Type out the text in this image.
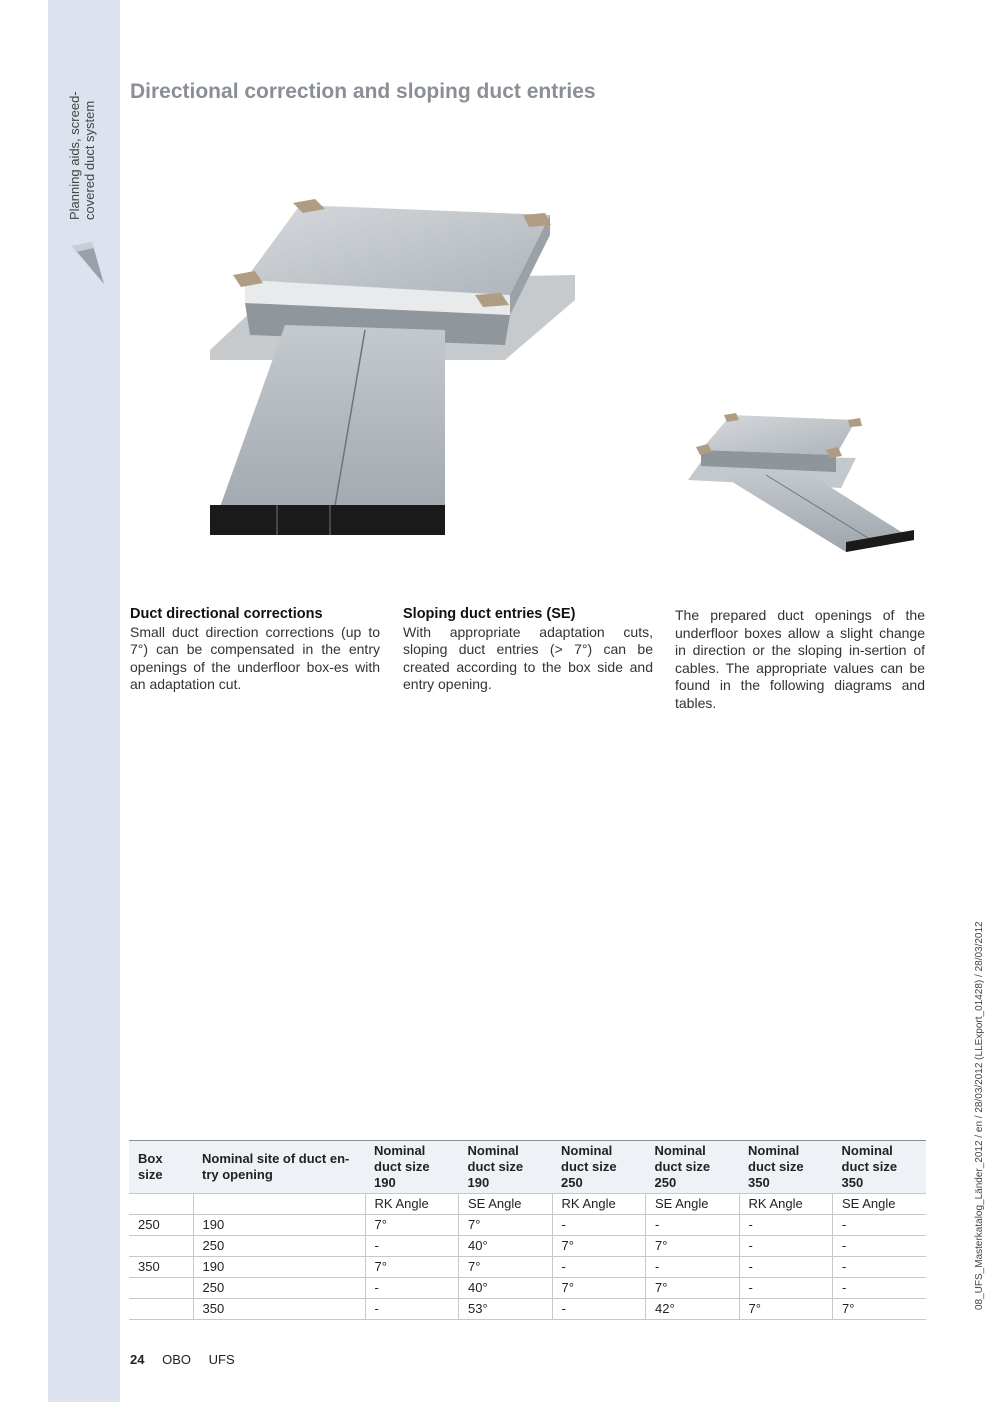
Planning aids, screed- covered duct system
Directional correction and sloping duct entries
Duct directional corrections

Small duct direction corrections (up to 7°) can be compensated in the entry openings of the underfloor box-es with an adaptation cut.

Sloping duct entries (SE)

With appropriate adaptation cuts, sloping duct entries (> 7°) can be created according to the box side and entry opening.

The prepared duct openings of the underfloor boxes allow a slight change in direction or the sloping in-sertion of cables. The appropriate values can be found in the following diagrams and tables.

08_UFS_Masterkatalog_Länder_2012 / en / 28/03/2012 (LLExport_01428) / 28/03/2012
Box size	Nominal site of duct en-try opening	Nominal duct size 190	Nominal duct size 190	Nominal duct size 250	Nominal duct size 250	Nominal duct size 350	Nominal duct size 350
		RK Angle	SE Angle	RK Angle	SE Angle	RK Angle	SE Angle
250	190	7°	7°	-	-	-	-
	250	-	40°	7°	7°	-	-
350	190	7°	7°	-	-	-	-
	250	-	40°	7°	7°	-	-
	350	-	53°	-	42°	7°	7°
24 OBO UFS
